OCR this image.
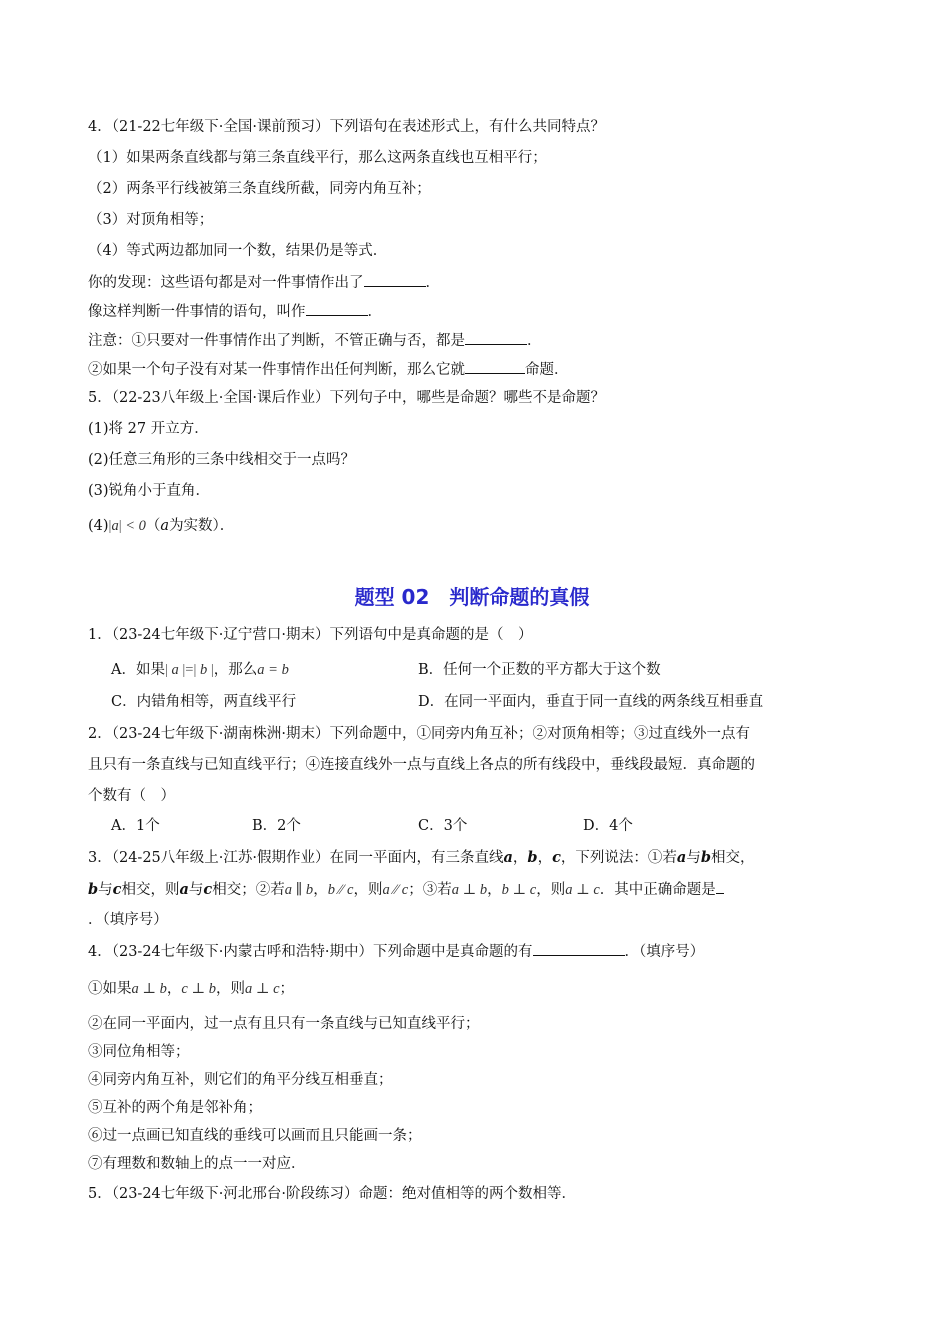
4．（21-22七年级下·全国·课前预习）下列语句在表述形式上，有什么共同特点？
（1）如果两条直线都与第三条直线平行，那么这两条直线也互相平行；
（2）两条平行线被第三条直线所截，同旁内角互补；
（3）对顶角相等；
（4）等式两边都加同一个数，结果仍是等式．
你的发现：这些语句都是对一件事情作出了	．
像这样判断一件事情的语句，叫作	．
注意：①只要对一件事情作出了判断，不管正确与否，都是	．
②如果一个句子没有对某一件事情作出任何判断，那么它就	命题．
5．（22-23八年级上·全国·课后作业）下列句子中，哪些是命题？哪些不是命题？
(1)将 27 开立方．
(2)任意三角形的三条中线相交于一点吗？
(3)锐角小于直角．
(4)|a| < 0（a为实数）．
题型 02　判断命题的真假
1．（23-24七年级下·辽宁营口·期末）下列语句中是真命题的是（　）
A．如果| a |=| b |，那么a = b	B．任何一个正数的平方都大于这个数
C．内错角相等，两直线平行	D．在同一平面内，垂直于同一直线的两条线互相垂直
2．（23-24七年级下·湖南株洲·期末）下列命题中，①同旁内角互补；②对顶角相等；③过直线外一点有
且只有一条直线与已知直线平行；④连接直线外一点与直线上各点的所有线段中，垂线段最短．真命题的
个数有（　）
A．1个	B．2个	C．3个	D．4个
3．（24-25八年级上·江苏·假期作业）在同一平面内，有三条直线a，b，c，下列说法：①若a与b相交，
b与c相交，则a与c相交；②若a ∥ b，b ∕∕ c，则a ∕∕ c；③若a ⊥ b，b ⊥ c，则a ⊥ c．其中正确命题是
．（填序号）
4．（23-24七年级下·内蒙古呼和浩特·期中）下列命题中是真命题的有	．（填序号）
①如果a ⊥ b，c ⊥ b，则a ⊥ c；
②在同一平面内，过一点有且只有一条直线与已知直线平行；
③同位角相等；
④同旁内角互补，则它们的角平分线互相垂直；
⑤互补的两个角是邻补角；
⑥过一点画已知直线的垂线可以画而且只能画一条；
⑦有理数和数轴上的点一一对应．
5．（23-24七年级下·河北邢台·阶段练习）命题：绝对值相等的两个数相等．
